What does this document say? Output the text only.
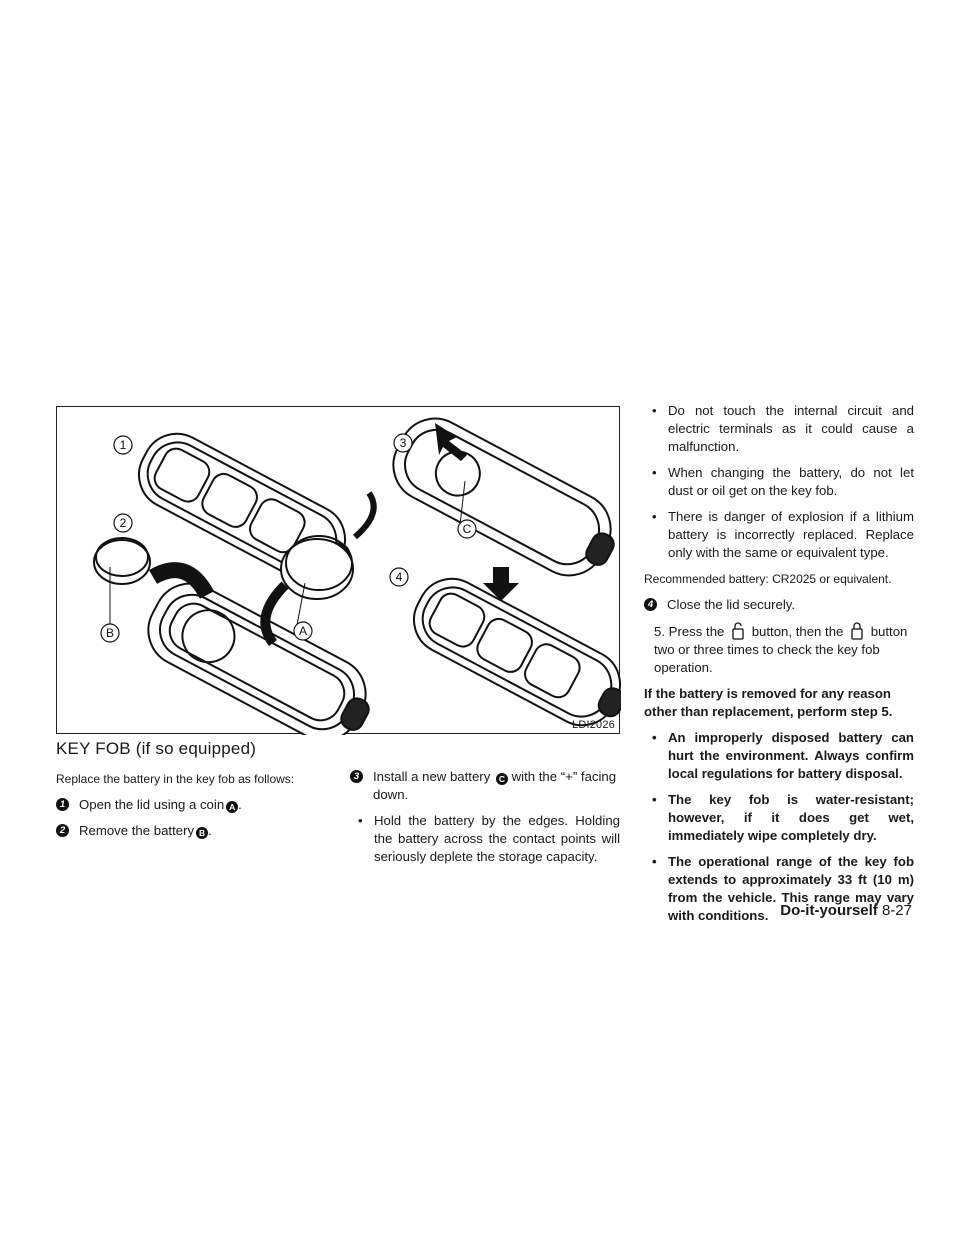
1
2
3
4
B	A
C
LDI2026
KEY FOB (if so equipped)
Replace the battery in the key fob as follows:
1 Open the lid using a coin A .
2 Remove the battery B .
3 Install a new battery C with the “+” facing down.
• Hold the battery by the edges. Holding the battery across the contact points will seriously deplete the storage capacity.
• Do not touch the internal circuit and electric terminals as it could cause a malfunction.
• When changing the battery, do not let dust or oil get on the key fob.
• There is danger of explosion if a lithium battery is incorrectly replaced. Replace only with the same or equivalent type.
Recommended battery: CR2025 or equivalent.
4 Close the lid securely.
5. Press the button, then the button two or three times to check the key fob operation.
If the battery is removed for any reason other than replacement, perform step 5.
• An improperly disposed battery can hurt the environment. Always confirm local regulations for battery disposal.
• The key fob is water-resistant; however, if it does get wet, immediately wipe completely dry.
• The operational range of the key fob extends to approximately 33 ft (10 m) from the vehicle. This range may vary with conditions. Do-it-yourself 8-27
